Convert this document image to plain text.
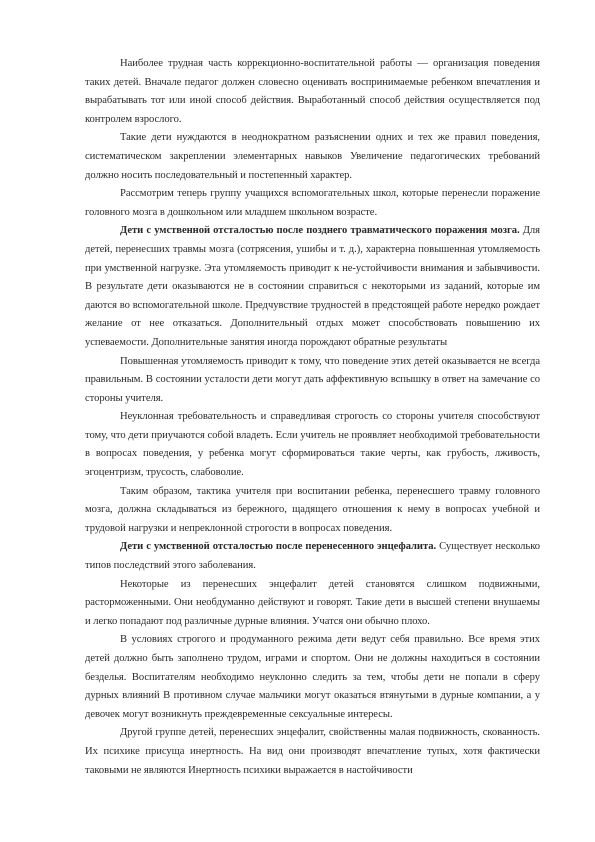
Наиболее трудная часть коррекционно-воспитательной работы — организация поведения таких детей. Вначале педагог должен словесно оценивать воспринимаемые ребенком впечатления и вырабатывать тот или иной способ действия. Выработанный способ действия осуществляется под контролем взрослого.

Такие дети нуждаются в неоднократном разъяснении одних и тех же правил поведения, систематическом закреплении элементарных навыков Увеличение педагогических требований должно носить последовательный и постепенный характер.

Рассмотрим теперь группу учащихся вспомогательных школ, которые перенесли поражение головного мозга в дошкольном или младшем школьном возрасте.

Дети с умственной отсталостью после позднего травматического поражения мозга. Для детей, перенесших травмы мозга (сотрясения, ушибы и т. д.), характерна повышенная утомляемость при умственной нагрузке. Эта утомляемость приводит к не-устойчивости внимания и забывчивости. В результате дети оказываются не в состоянии справиться с некоторыми из заданий, которые им даются во вспомогательной школе. Предчувствие трудностей в предстоящей работе нередко рождает желание от нее отказаться. Дополнительный отдых может способствовать повышению их успеваемости. Дополнительные занятия иногда порождают обратные результаты

Повышенная утомляемость приводит к тому, что поведение этих детей оказывается не всегда правильным. В состоянии усталости дети могут дать аффективную вспышку в ответ на замечание со стороны учителя.

Неуклонная требовательность и справедливая строгость со стороны учителя способствуют тому, что дети приучаются собой владеть. Если учитель не проявляет необходимой требовательности в вопросах поведения, у ребенка могут сформироваться такие черты, как грубость, лживость, эгоцентризм, трусость, слабоволие.

Таким образом, тактика учителя при воспитании ребенка, перенесшего травму головного мозга, должна складываться из бережного, щадящего отношения к нему в вопросах учебной и трудовой нагрузки и непреклонной строгости в вопросах поведения.

Дети с умственной отсталостью после перенесенного энцефалита. Существует несколько типов последствий этого заболевания.

Некоторые из перенесших энцефалит детей становятся слишком подвижными, расторможенными. Они необдуманно действуют и говорят. Такие дети в высшей степени внушаемы и легко попадают под различные дурные влияния. Учатся они обычно плохо.

В условиях строгого и продуманного режима дети ведут себя правильно. Все время этих детей должно быть заполнено трудом, играми и спортом. Они не должны находиться в состоянии безделья. Воспитателям необходимо неуклонно следить за тем, чтобы дети не попали в сферу дурных влияний В противном случае мальчики могут оказаться втянутыми в дурные компании, а у девочек могут возникнуть преждевременные сексуальные интересы.

Другой группе детей, перенесших энцефалит, свойственны малая подвижность, скованность. Их психике присуща инертность. На вид они производят впечатление тупых, хотя фактически таковыми не являются Инертность психики выражается в настойчивости
